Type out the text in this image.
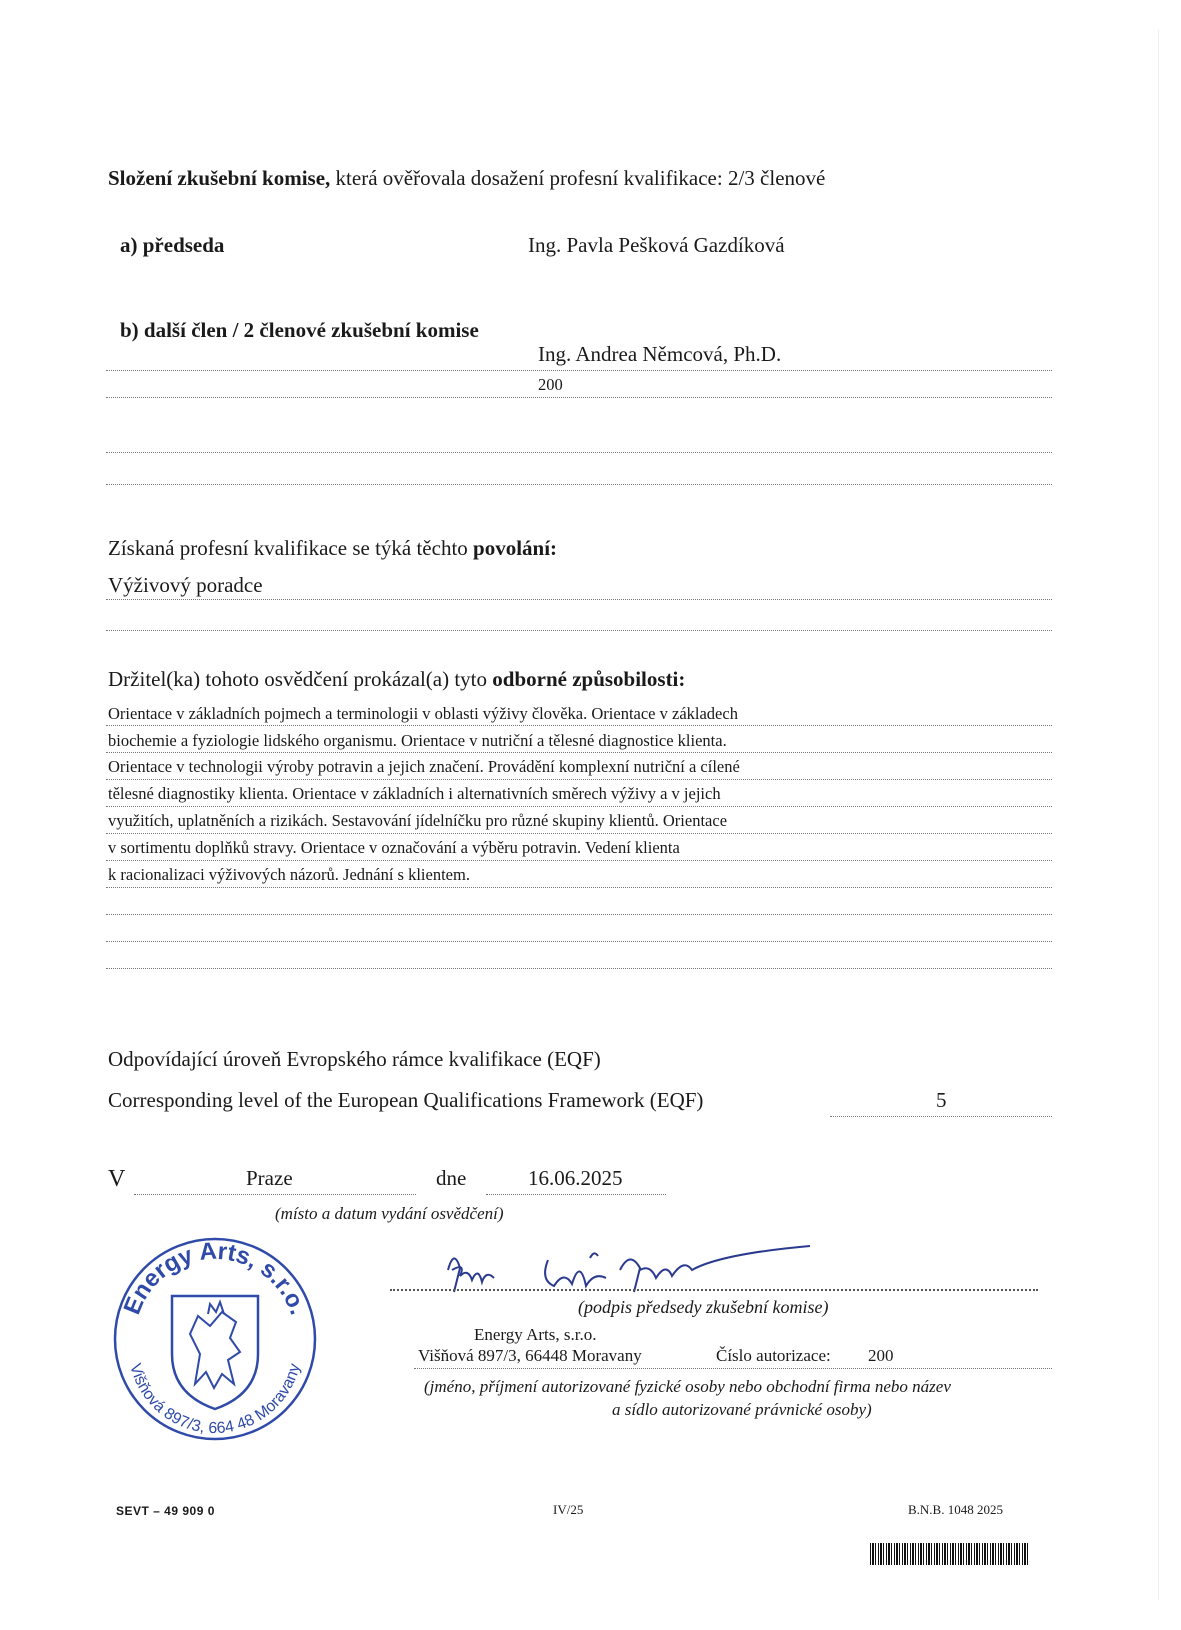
Složení zkušební komise, která ověřovala dosažení profesní kvalifikace: 2/3 členové
a) předseda	Ing. Pavla Pešková Gazdíková
b) další člen / 2 členové zkušební komise
Ing. Andrea Němcová, Ph.D.
200
Získaná profesní kvalifikace se týká těchto povolání:
Výživový poradce
Držitel(ka) tohoto osvědčení prokázal(a) tyto odborné způsobilosti:
Orientace v základních pojmech a terminologii v oblasti výživy člověka. Orientace v základech
biochemie a fyziologie lidského organismu. Orientace v nutriční a tělesné diagnostice klienta.
Orientace v technologii výroby potravin a jejich značení. Provádění komplexní nutriční a cílené
tělesné diagnostiky klienta. Orientace v základních i alternativních směrech výživy a v jejich
využitích, uplatněních a rizikách. Sestavování jídelníčku pro různé skupiny klientů. Orientace
v sortimentu doplňků stravy. Orientace v označování a výběru potravin. Vedení klienta
k racionalizaci výživových názorů. Jednání s klientem.
Odpovídající úroveň Evropského rámce kvalifikace (EQF)
Corresponding level of the European Qualifications Framework (EQF)	5
V	Praze	dne	16.06.2025
(místo a datum vydání osvědčení)
Energy Arts, s.r.o.
Višňová 897/3, 664 48 Moravany
(podpis předsedy zkušební komise)
Energy Arts, s.r.o.
Višňová 897/3, 66448 Moravany	Číslo autorizace: 200
(jméno, příjmení autorizované fyzické osoby nebo obchodní firma nebo název
a sídlo autorizované právnické osoby)
SEVT – 49 909 0	IV/25	B.N.B. 1048 2025
